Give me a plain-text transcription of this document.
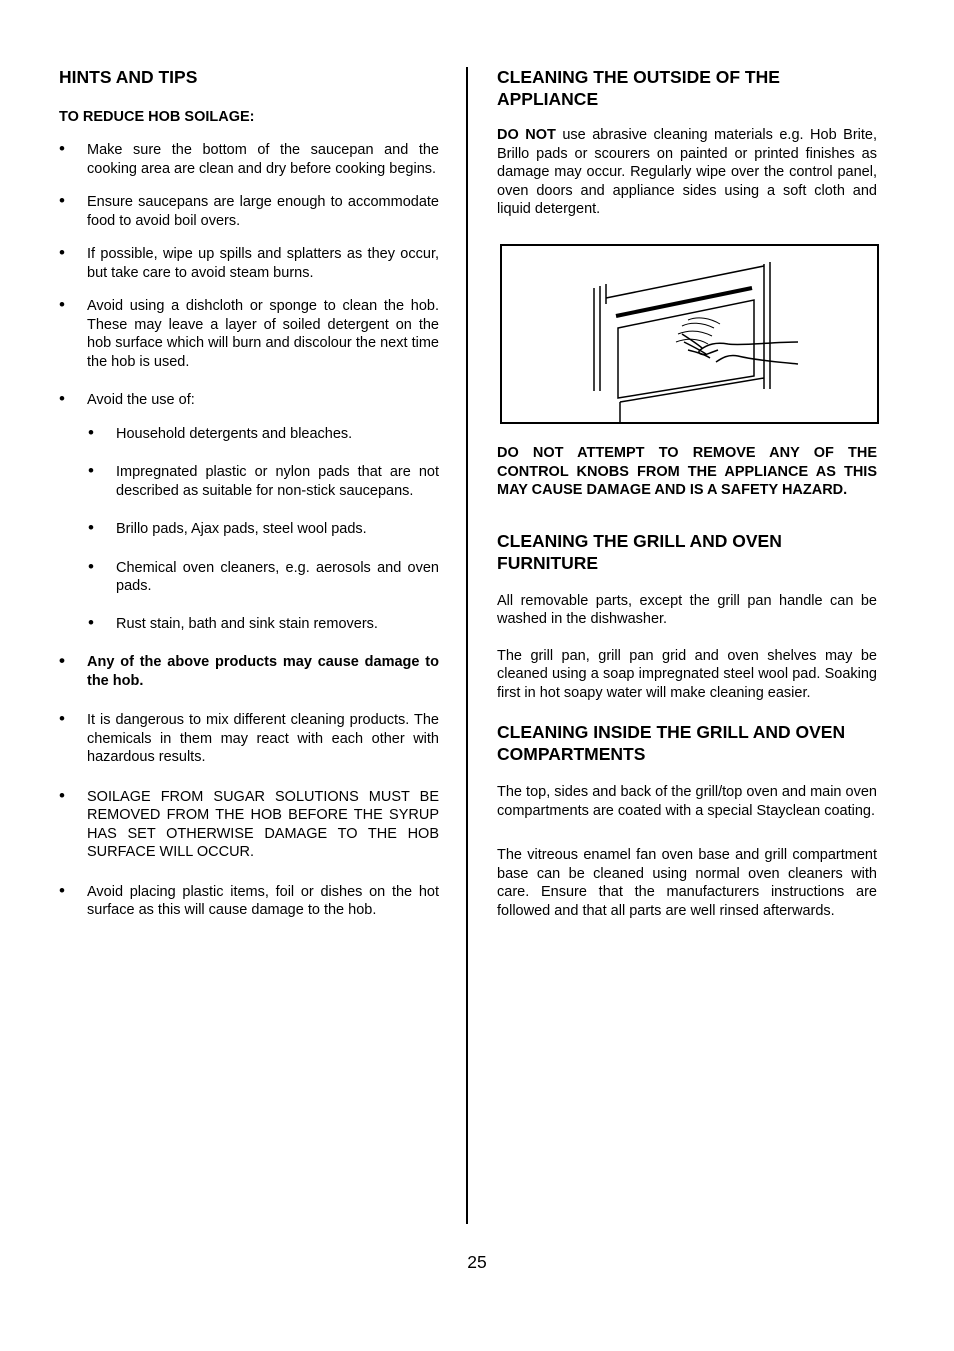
HINTS AND TIPS
TO REDUCE HOB SOILAGE:
• Make sure the bottom of the saucepan and the cooking area are clean and dry before cooking begins.
• Ensure saucepans are large enough to accommodate food to avoid boil overs.
• If possible, wipe up spills and splatters as they occur, but take care to avoid steam burns.
• Avoid using a dishcloth or sponge to clean the hob. These may leave a layer of soiled detergent on the hob surface which will burn and discolour the next time the hob is used.
• Avoid the use of:
• Household detergents and bleaches.
• Impregnated plastic or nylon pads that are not described as suitable for non-stick saucepans.
• Brillo pads, Ajax pads, steel wool pads.
• Chemical oven cleaners, e.g. aerosols and oven pads.
• Rust stain, bath and sink stain removers.
• Any of the above products may cause damage to the hob.
• It is dangerous to mix different cleaning products. The chemicals in them may react with each other with hazardous results.
• SOILAGE FROM SUGAR SOLUTIONS MUST BE REMOVED FROM THE HOB BEFORE THE SYRUP HAS SET OTHERWISE DAMAGE TO THE HOB SURFACE WILL OCCUR.
• Avoid placing plastic items, foil or dishes on the hot surface as this will cause damage to the hob.
CLEANING THE OUTSIDE OF THE APPLIANCE

DO NOT use abrasive cleaning materials e.g. Hob Brite, Brillo pads or scourers on painted or printed finishes as damage may occur. Regularly wipe over the control panel, oven doors and appliance sides using a soft cloth and liquid detergent.

DO NOT ATTEMPT TO REMOVE ANY OF THE CONTROL KNOBS FROM THE APPLIANCE AS THIS MAY CAUSE DAMAGE AND IS A SAFETY HAZARD.

CLEANING THE GRILL AND OVEN FURNITURE

All removable parts, except the grill pan handle can be washed in the dishwasher.

The grill pan, grill pan grid and oven shelves may be cleaned using a soap impregnated steel wool pad. Soaking first in hot soapy water will make cleaning easier.

CLEANING INSIDE THE GRILL AND OVEN COMPARTMENTS

The top, sides and back of the grill/top oven and main oven compartments are coated with a special Stayclean coating.

The vitreous enamel fan oven base and grill compartment base can be cleaned using normal oven cleaners with care. Ensure that the manufacturers instructions are followed and that all parts are well rinsed afterwards.

25
